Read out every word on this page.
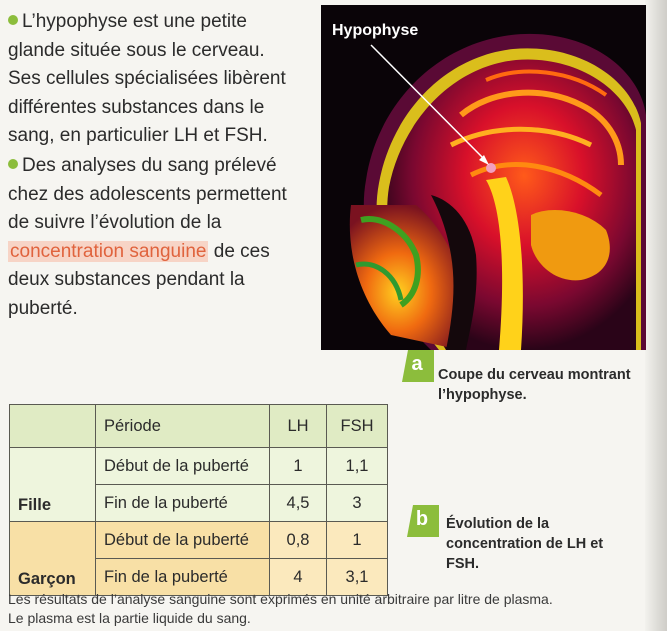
L’hypophyse est une petite glande située sous le cerveau. Ses cellules spécialisées libèrent différentes substances dans le sang, en particulier LH et FSH.
Des analyses du sang prélevé chez des adolescents permettent de suivre l’évolution de la concentration sanguine de ces deux substances pendant la puberté.
Hypophyse
a	Coupe du cerveau montrant l’hypophyse.
	Période	LH	FSH
Fille	Début de la puberté	1	1,1
	Fin de la puberté	4,5	3
Garçon	Début de la puberté	0,8	1
	Fin de la puberté	4	3,1
b	Évolution de la concentration de LH et FSH.
Les résultats de l’analyse sanguine sont exprimés en unité arbitraire par litre de plasma.
Le plasma est la partie liquide du sang.
